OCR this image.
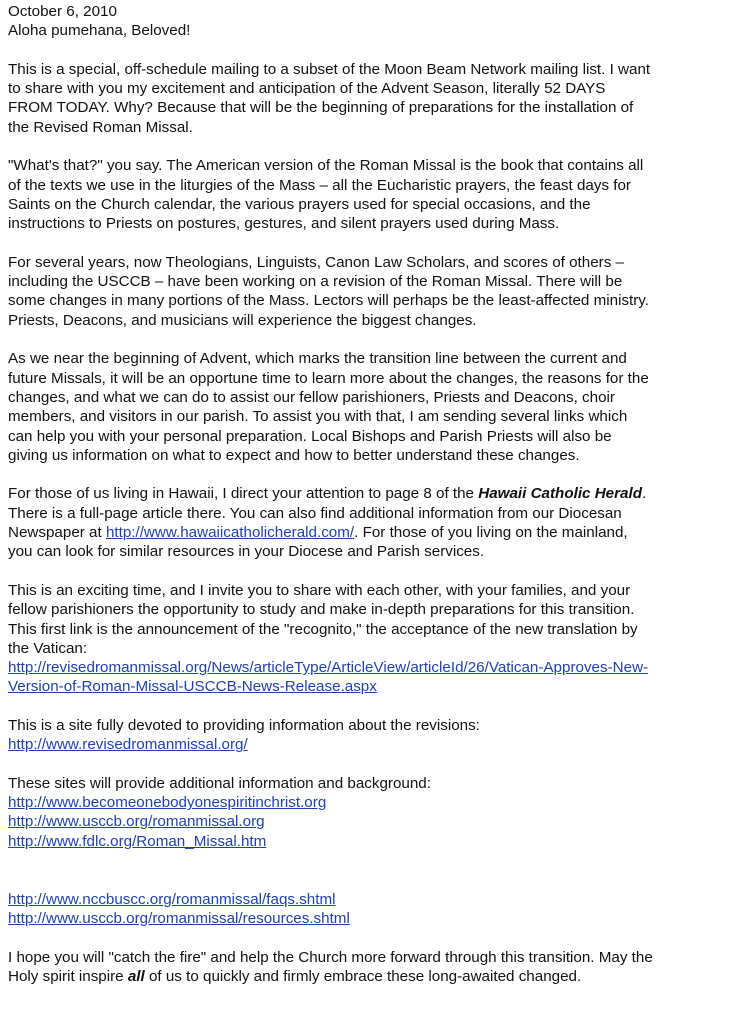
October 6, 2010
Aloha pumehana, Beloved!
This is a special, off-schedule mailing to a subset of the Moon Beam Network mailing list. I want
to share with you my excitement and anticipation of the Advent Season, literally 52 DAYS
FROM TODAY. Why? Because that will be the beginning of preparations for the installation of
the Revised Roman Missal.
"What's that?" you say. The American version of the Roman Missal is the book that contains all
of the texts we use in the liturgies of the Mass – all the Eucharistic prayers, the feast days for
Saints on the Church calendar, the various prayers used for special occasions, and the
instructions to Priests on postures, gestures, and silent prayers used during Mass.
For several years, now Theologians, Linguists, Canon Law Scholars, and scores of others –
including the USCCB – have been working on a revision of the Roman Missal. There will be
some changes in many portions of the Mass. Lectors will perhaps be the least-affected ministry.
Priests, Deacons, and musicians will experience the biggest changes.
As we near the beginning of Advent, which marks the transition line between the current and
future Missals, it will be an opportune time to learn more about the changes, the reasons for the
changes, and what we can do to assist our fellow parishioners, Priests and Deacons, choir
members, and visitors in our parish. To assist you with that, I am sending several links which
can help you with your personal preparation. Local Bishops and Parish Priests will also be
giving us information on what to expect and how to better understand these changes.
For those of us living in Hawaii, I direct your attention to page 8 of the Hawaii Catholic Herald.
There is a full-page article there. You can also find additional information from our Diocesan
Newspaper at http://www.hawaiicatholicherald.com/. For those of you living on the mainland,
you can look for similar resources in your Diocese and Parish services.
This is an exciting time, and I invite you to share with each other, with your families, and your
fellow parishioners the opportunity to study and make in-depth preparations for this transition.
This first link is the announcement of the "recognito," the acceptance of the new translation by
the Vatican:
http://revisedromanmissal.org/News/articleType/ArticleView/articleId/26/Vatican-Approves-New-
Version-of-Roman-Missal-USCCB-News-Release.aspx
This is a site fully devoted to providing information about the revisions:
http://www.revisedromanmissal.org/
These sites will provide additional information and background:
http://www.becomeonebodyonespiritinchrist.org
http://www.usccb.org/romanmissal.org
http://www.fdlc.org/Roman_Missal.htm
http://www.nccbuscc.org/romanmissal/faqs.shtml
http://www.usccb.org/romanmissal/resources.shtml
I hope you will "catch the fire" and help the Church more forward through this transition. May the
Holy spirit inspire all of us to quickly and firmly embrace these long-awaited changed.
